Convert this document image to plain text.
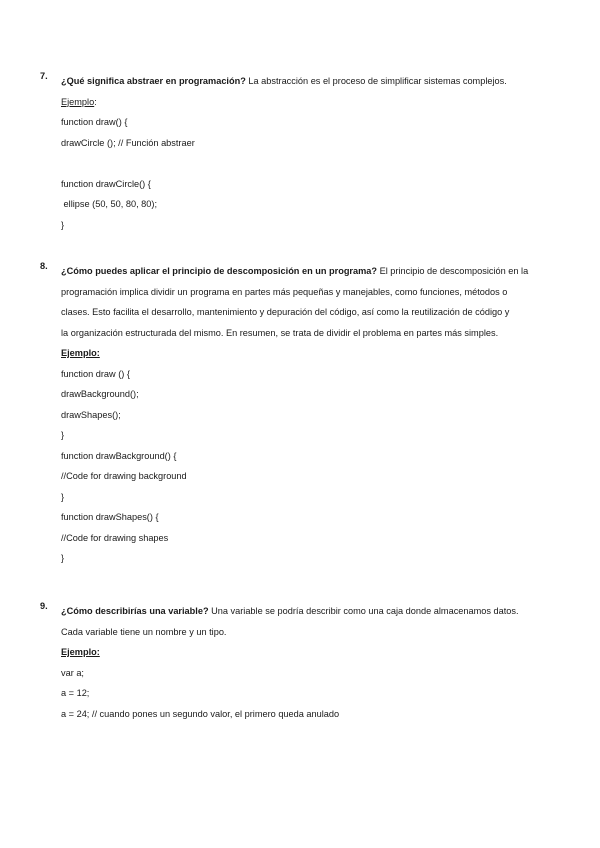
7. ¿Qué significa abstraer en programación? La abstracción es el proceso de simplificar sistemas complejos.
Ejemplo:
function draw() {
drawCircle (); // Función abstraer
function drawCircle() {
ellipse (50, 50, 80, 80);
}
8. ¿Cómo puedes aplicar el principio de descomposición en un programa? El principio de descomposición en la
programación implica dividir un programa en partes más pequeñas y manejables, como funciones, métodos o
clases. Esto facilita el desarrollo, mantenimiento y depuración del código, así como la reutilización de código y
la organización estructurada del mismo. En resumen, se trata de dividir el problema en partes más simples.
Ejemplo:
function draw () {
drawBackground();
drawShapes();
}
function drawBackground() {
//Code for drawing background
}
function drawShapes() {
//Code for drawing shapes
}
9. ¿Cómo describirías una variable? Una variable se podría describir como una caja donde almacenamos datos.
Cada variable tiene un nombre y un tipo.
Ejemplo:
var a;
a = 12;
a = 24; // cuando pones un segundo valor, el primero queda anulado
